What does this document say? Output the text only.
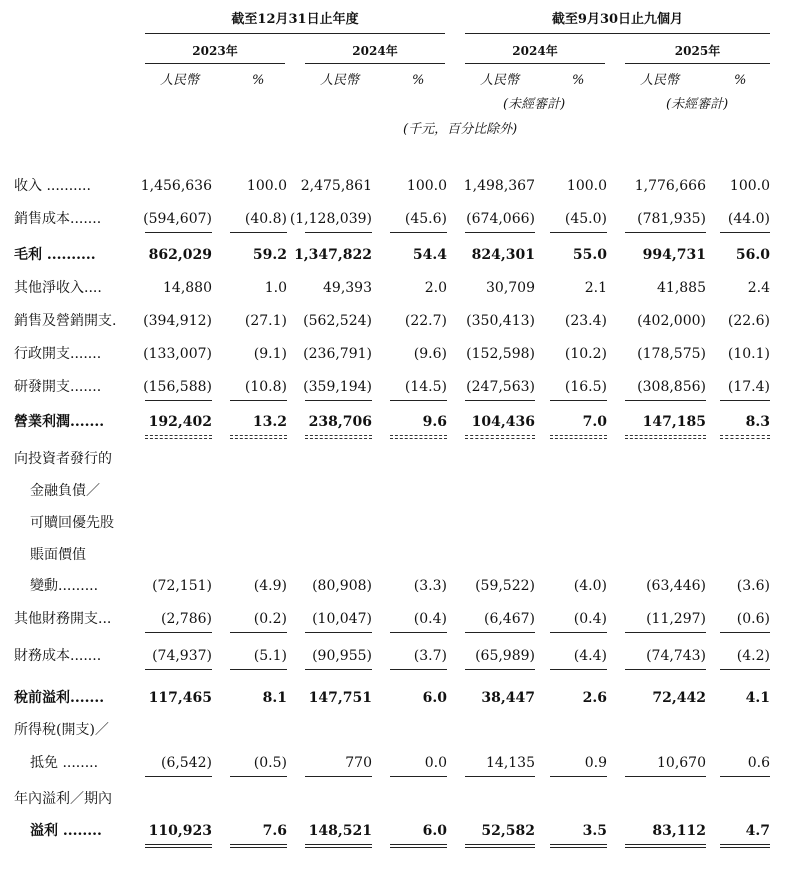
截至12月31日止年度	截至9月30日止九個月
2023年	2024年	2024年	2025年
人民幣	%	人民幣	%	人民幣	%	人民幣	%
(未經審計)	(未經審計)
(千元，百分比除外)
收入 ..........	1,456,636	100.0 2,475,861	100.0	1,498,367	100.0	1,776,666	100.0
銷售成本.......	(594,607)	(40.8) (1,128,039)	(45.6)	(674,066)	(45.0)	(781,935)	(44.0)
毛利 ..........	862,029	59.2 1,347,822	54.4	824,301	55.0	994,731	56.0
其他淨收入....	14,880	1.0	49,393	2.0	30,709	2.1	41,885	2.4
銷售及營銷開支.	(394,912)	(27.1)	(562,524)	(22.7)	(350,413)	(23.4)	(402,000)	(22.6)
行政開支.......	(133,007)	(9.1)	(236,791)	(9.6)	(152,598)	(10.2)	(178,575)	(10.1)
研發開支.......	(156,588)	(10.8)	(359,194)	(14.5)	(247,563)	(16.5)	(308,856)	(17.4)
營業利潤.......	192,402	13.2	238,706	9.6	104,436	7.0	147,185	8.3
向投資者發行的
金融負債／
可贖回優先股
賬面價值
變動.........	(72,151)	(4.9)	(80,908)	(3.3)	(59,522)	(4.0)	(63,446)	(3.6)
其他財務開支...	(2,786)	(0.2)	(10,047)	(0.4)	(6,467)	(0.4)	(11,297)	(0.6)
財務成本.......	(74,937)	(5.1)	(90,955)	(3.7)	(65,989)	(4.4)	(74,743)	(4.2)
稅前溢利.......	117,465	8.1	147,751	6.0	38,447	2.6	72,442	4.1
所得稅(開支)／
抵免 ........	(6,542)	(0.5)	770	0.0	14,135	0.9	10,670	0.6
年內溢利／期內
溢利 ........	110,923	7.6	148,521	6.0	52,582	3.5	83,112	4.7
